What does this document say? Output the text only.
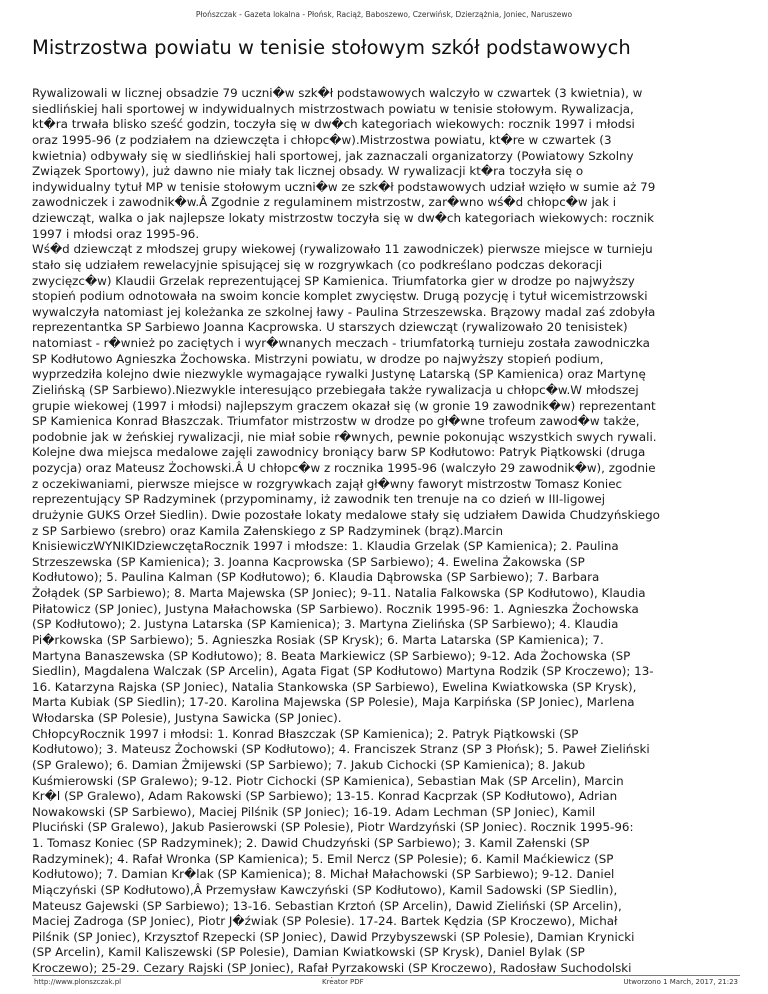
Płońszczak - Gazeta lokalna - Płońsk, Raciąż, Baboszewo, Czerwińsk, Dzierzążnia, Joniec, Naruszewo
Mistrzostwa powiatu w tenisie stołowym szkół podstawowych
Rywalizowali w licznej obsadzie 79 uczni�w szk�ł podstawowych walczyło w czwartek (3 kwietnia), w
siedlińskiej hali sportowej w indywidualnych mistrzostwach powiatu w tenisie stołowym. Rywalizacja,
kt�ra trwała blisko sześć godzin, toczyła się w dw�ch kategoriach wiekowych: rocznik 1997 i młodsi
oraz 1995-96 (z podziałem na dziewczęta i chłopc�w).Mistrzostwa powiatu, kt�re w czwartek (3
kwietnia) odbywały się w siedlińskiej hali sportowej, jak zaznaczali organizatorzy (Powiatowy Szkolny
Związek Sportowy), już dawno nie miały tak licznej obsady. W rywalizacji kt�ra toczyła się o
indywidualny tytuł MP w tenisie stołowym uczni�w ze szk�ł podstawowych udział wzięło w sumie aż 79
zawodniczek i zawodnik�w.Â Zgodnie z regulaminem mistrzostw, zar�wno wś�d chłopc�w jak i
dziewcząt, walka o jak najlepsze lokaty mistrzostw toczyła się w dw�ch kategoriach wiekowych: rocznik
1997 i młodsi oraz 1995-96.
Wś�d dziewcząt z młodszej grupy wiekowej (rywalizowało 11 zawodniczek) pierwsze miejsce w turnieju
stało się udziałem rewelacyjnie spisującej się w rozgrywkach (co podkreślano podczas dekoracji
zwycięzc�w) Klaudii Grzelak reprezentującej SP Kamienica. Triumfatorka gier w drodze po najwyższy
stopień podium odnotowała na swoim koncie komplet zwycięstw. Drugą pozycję i tytuł wicemistrzowski
wywalczyła natomiast jej koleżanka ze szkolnej ławy - Paulina Strzeszewska. Brązowy madal zaś zdobyła
reprezentantka SP Sarbiewo Joanna Kacprowska. U starszych dziewcząt (rywalizowało 20 tenisistek)
natomiast - r�wnież po zaciętych i wyr�wnanych meczach - triumfatorką turnieju została zawodniczka
SP Kodłutowo Agnieszka Żochowska. Mistrzyni powiatu, w drodze po najwyższy stopień podium,
wyprzedziła kolejno dwie niezwykle wymagające rywalki Justynę Latarską (SP Kamienica) oraz Martynę
Zielińską (SP Sarbiewo).Niezwykle interesująco przebiegała także rywalizacja u chłopc�w.W młodszej
grupie wiekowej (1997 i młodsi) najlepszym graczem okazał się (w gronie 19 zawodnik�w) reprezentant
SP Kamienica Konrad Błaszczak. Triumfator mistrzostw w drodze po gł�wne trofeum zawod�w także,
podobnie jak w żeńskiej rywalizacji, nie miał sobie r�wnych, pewnie pokonując wszystkich swych rywali.
Kolejne dwa miejsca medalowe zajęli zawodnicy broniący barw SP Kodłutowo: Patryk Piątkowski (druga
pozycja) oraz Mateusz Żochowski.Â U chłopc�w z rocznika 1995-96 (walczyło 29 zawodnik�w), zgodnie
z oczekiwaniami, pierwsze miejsce w rozgrywkach zajął gł�wny faworyt mistrzostw Tomasz Koniec
reprezentujący SP Radzyminek (przypominamy, iż zawodnik ten trenuje na co dzień w III-ligowej
drużynie GUKS Orzeł Siedlin). Dwie pozostałe lokaty medalowe stały się udziałem Dawida Chudzyńskiego
z SP Sarbiewo (srebro) oraz Kamila Załenskiego z SP Radzyminek (brąz).Marcin
KnisiewiczWYNIKIDziewczętaRocznik 1997 i młodsze: 1. Klaudia Grzelak (SP Kamienica); 2. Paulina
Strzeszewska (SP Kamienica); 3. Joanna Kacprowska (SP Sarbiewo); 4. Ewelina Żakowska (SP
Kodłutowo); 5. Paulina Kalman (SP Kodłutowo); 6. Klaudia Dąbrowska (SP Sarbiewo); 7. Barbara
Żołądek (SP Sarbiewo); 8. Marta Majewska (SP Joniec); 9-11. Natalia Falkowska (SP Kodłutowo), Klaudia
Piłatowicz (SP Joniec), Justyna Małachowska (SP Sarbiewo). Rocznik 1995-96: 1. Agnieszka Żochowska
(SP Kodłutowo); 2. Justyna Latarska (SP Kamienica); 3. Martyna Zielińska (SP Sarbiewo); 4. Klaudia
Pi�rkowska (SP Sarbiewo); 5. Agnieszka Rosiak (SP Krysk); 6. Marta Latarska (SP Kamienica); 7.
Martyna Banaszewska (SP Kodłutowo); 8. Beata Markiewicz (SP Sarbiewo); 9-12. Ada Żochowska (SP
Siedlin), Magdalena Walczak (SP Arcelin), Agata Figat (SP Kodłutowo) Martyna Rodzik (SP Kroczewo); 13-
16. Katarzyna Rajska (SP Joniec), Natalia Stankowska (SP Sarbiewo), Ewelina Kwiatkowska (SP Krysk),
Marta Kubiak (SP Siedlin); 17-20. Karolina Majewska (SP Polesie), Maja Karpińska (SP Joniec), Marlena
Włodarska (SP Polesie), Justyna Sawicka (SP Joniec).
ChłopcyRocznik 1997 i młodsi: 1. Konrad Błaszczak (SP Kamienica); 2. Patryk Piątkowski (SP
Kodłutowo); 3. Mateusz Żochowski (SP Kodłutowo); 4. Franciszek Stranz (SP 3 Płońsk); 5. Paweł Zieliński
(SP Gralewo); 6. Damian Żmijewski (SP Sarbiewo); 7. Jakub Cichocki (SP Kamienica); 8. Jakub
Kuśmierowski (SP Gralewo); 9-12. Piotr Cichocki (SP Kamienica), Sebastian Mak (SP Arcelin), Marcin
Kr�l (SP Gralewo), Adam Rakowski (SP Sarbiewo); 13-15. Konrad Kacprzak (SP Kodłutowo), Adrian
Nowakowski (SP Sarbiewo), Maciej Pilśnik (SP Joniec); 16-19. Adam Lechman (SP Joniec), Kamil
Pluciński (SP Gralewo), Jakub Pasierowski (SP Polesie), Piotr Wardzyński (SP Joniec). Rocznik 1995-96:
1. Tomasz Koniec (SP Radzyminek); 2. Dawid Chudzyński (SP Sarbiewo); 3. Kamil Załenski (SP
Radzyminek); 4. Rafał Wronka (SP Kamienica); 5. Emil Nercz (SP Polesie); 6. Kamil Maćkiewicz (SP
Kodłutowo); 7. Damian Kr�lak (SP Kamienica); 8. Michał Małachowski (SP Sarbiewo); 9-12. Daniel
Miączyński (SP Kodłutowo),Â Przemysław Kawczyński (SP Kodłutowo), Kamil Sadowski (SP Siedlin),
Mateusz Gajewski (SP Sarbiewo); 13-16. Sebastian Krztoń (SP Arcelin), Dawid Zieliński (SP Arcelin),
Maciej Zadroga (SP Joniec), Piotr J�źwiak (SP Polesie). 17-24. Bartek Kędzia (SP Kroczewo), Michał
Pilśnik (SP Joniec), Krzysztof Rzepecki (SP Joniec), Dawid Przybyszewski (SP Polesie), Damian Krynicki
(SP Arcelin), Kamil Kaliszewski (SP Polesie), Damian Kwiatkowski (SP Krysk), Daniel Bylak (SP
Kroczewo); 25-29. Cezary Rajski (SP Joniec), Rafał Pyrzakowski (SP Kroczewo), Radosław Suchodolski
http://www.plonszczak.pl	Kreator PDF	Utworzono 1 March, 2017, 21:23
